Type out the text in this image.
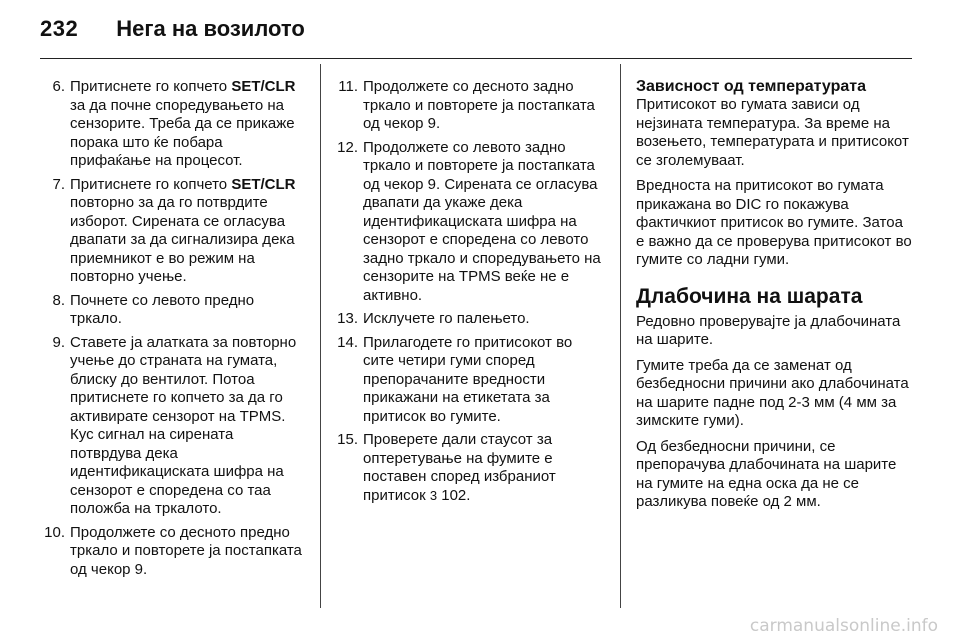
232 Нега на возилото
6. Притиснете го копчето SET/CLR за да почне споредувањето на сензорите. Треба да се прикаже порака што ќе побара прифаќање на процесот.
7. Притиснете го копчето SET/CLR повторно за да го потврдите изборот. Сирената се огласува двапати за да сигнализира дека приемникот е во режим на повторно учење.
8. Почнете со левото предно тркало.
9. Ставете ја алатката за повторно учење до страната на гумата, блиску до вентилот. Потоа притиснете го копчето за да го активирате сензорот на TPMS. Кус сигнал на сирената потврдува дека идентификациската шифра на сензорот е споредена со таа положба на тркалото.
10. Продолжете со десното предно тркало и повторете ја постапката од чекор 9.
11. Продолжете со десното задно тркало и повторете ја постапката од чекор 9.
12. Продолжете со левото задно тркало и повторете ја постапката од чекор 9. Сирената се огласува двапати да укаже дека идентификациската шифра на сензорот е споредена со левото задно тркало и споредувањето на сензорите на TPMS веќе не е активно.
13. Исклучете го палењето.
14. Прилагодете го притисокот во сите четири гуми според препорачаните вредности прикажани на етикетата за притисок во гумите.
15. Проверете дали стаусот за оптеретување на фумите е поставен според избраниот притисок 3 102.

Зависност од температурата

Притисокот во гумата зависи од нејзината температура. За време на возењето, температурата и притисокот се зголемуваат.

Вредноста на притисокот во гумата прикажана во DIC го покажува фактичкиот притисок во гумите. Затоа е важно да се проверува притисокот во гумите со ладни гуми.

Длабочина на шарата

Редовно проверувајте ја длабочината на шарите.

Гумите треба да се заменат од безбедносни причини ако длабочината на шарите падне под 2-3 мм (4 мм за зимските гуми).

Од безбедносни причини, се препорачува длабочината на шарите на гумите на една оска да не се разликува повеќе од 2 мм.

carmanualsonline.info
